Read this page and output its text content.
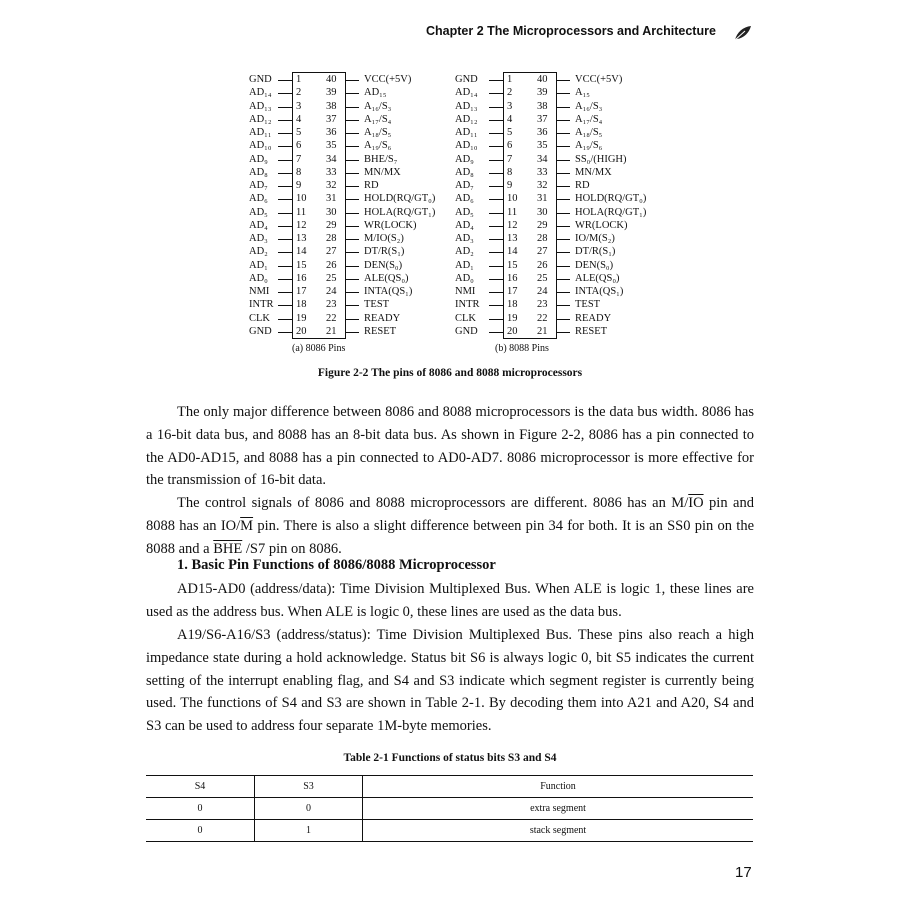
Chapter 2 The Microprocessors and Architecture
GND 1 40	VCC(+5V)
AD₁₄ 2 39	AD₁₅
AD₁₃ 3 38	A₁₆/S₃
AD₁₂ 4 37	A₁₇/S₄
AD₁₁ 5 36	A₁₈/S₅
AD₁₀ 6 35	A₁₉/S₆
AD₉	7 34	BHE/S₇
AD₈	8 33	MN/MX
AD₇	9 32	RD
AD₆	10 31	HOLD(RQ/GT₀)
AD₅	11 30	HOLA(RQ/GT₁)
AD₄	12 29	WR(LOCK)
AD₃	13 28	M/IO(S₂)
AD₂	14 27	DT/R(S₁)
AD₁	15 26	DEN(S₀)
AD₀	16 25	ALE(QS₀)
NMI	17 24	INTA(QS₁)
INTR 18 23	TEST
CLK 19 22	READY
GND 20 21	RESET
(a) 8086 Pins
GND	1 40	VCC(+5V)
AD₁₄	2 39	A₁₅
AD₁₃	3 38	A₁₆/S₃
AD₁₂	4 37	A₁₇/S₄
AD₁₁	5 36	A₁₈/S₅
AD₁₀	6 35	A₁₉/S₆
AD₉	7 34	SS₀/(HIGH)
AD₈	8 33	MN/MX
AD₇	9 32	RD
AD₆	10 31	HOLD(RQ/GT₀)
AD₅	11 30	HOLA(RQ/GT₁)
AD₄	12 29	WR(LOCK)
AD₃	13 28	IO/M(S₂)
AD₂	14 27	DT/R(S₁)
AD₁	15 26	DEN(S₀)
AD₀	16 25	ALE(QS₀)
NMI	17 24	INTA(QS₁)
INTR	18 23	TEST
CLK	19 22	READY
GND	20 21	RESET
(b) 8088 Pins
Figure 2-2 The pins of 8086 and 8088 microprocessors
The only major difference between 8086 and 8088 microprocessors is the data bus width. 8086 has a 16-bit data bus, and 8088 has an 8-bit data bus. As shown in Figure 2-2, 8086 has a pin connected to the AD0-AD15, and 8088 has a pin connected to AD0-AD7. 8086 microprocessor is more effective for the transmission of 16-bit data.
The control signals of 8086 and 8088 microprocessors are different. 8086 has an $M/\overline{IO}$ pin and 8088 has an $IO/\overline{M}$ pin. There is also a slight difference between pin 34 for both. It is an SS0 pin on the 8088 and a $\overline{BHE}$ /S7 pin on 8086.
1. Basic Pin Functions of 8086/8088 Microprocessor
AD15-AD0 (address/data): Time Division Multiplexed Bus. When ALE is logic 1, these lines are used as the address bus. When ALE is logic 0, these lines are used as the data bus.
A19/S6-A16/S3 (address/status): Time Division Multiplexed Bus. These pins also reach a high impedance state during a hold acknowledge. Status bit S6 is always logic 0, bit S5 indicates the current setting of the interrupt enabling flag, and S4 and S3 indicate which segment register is currently being used. The functions of S4 and S3 are shown in Table 2-1. By decoding them into A21 and A20, S4 and S3 can be used to address four separate 1M-byte memories.
Table 2-1 Functions of status bits S3 and S4
S4	S3	Function
0	0	extra segment
0	1	stack segment
17
